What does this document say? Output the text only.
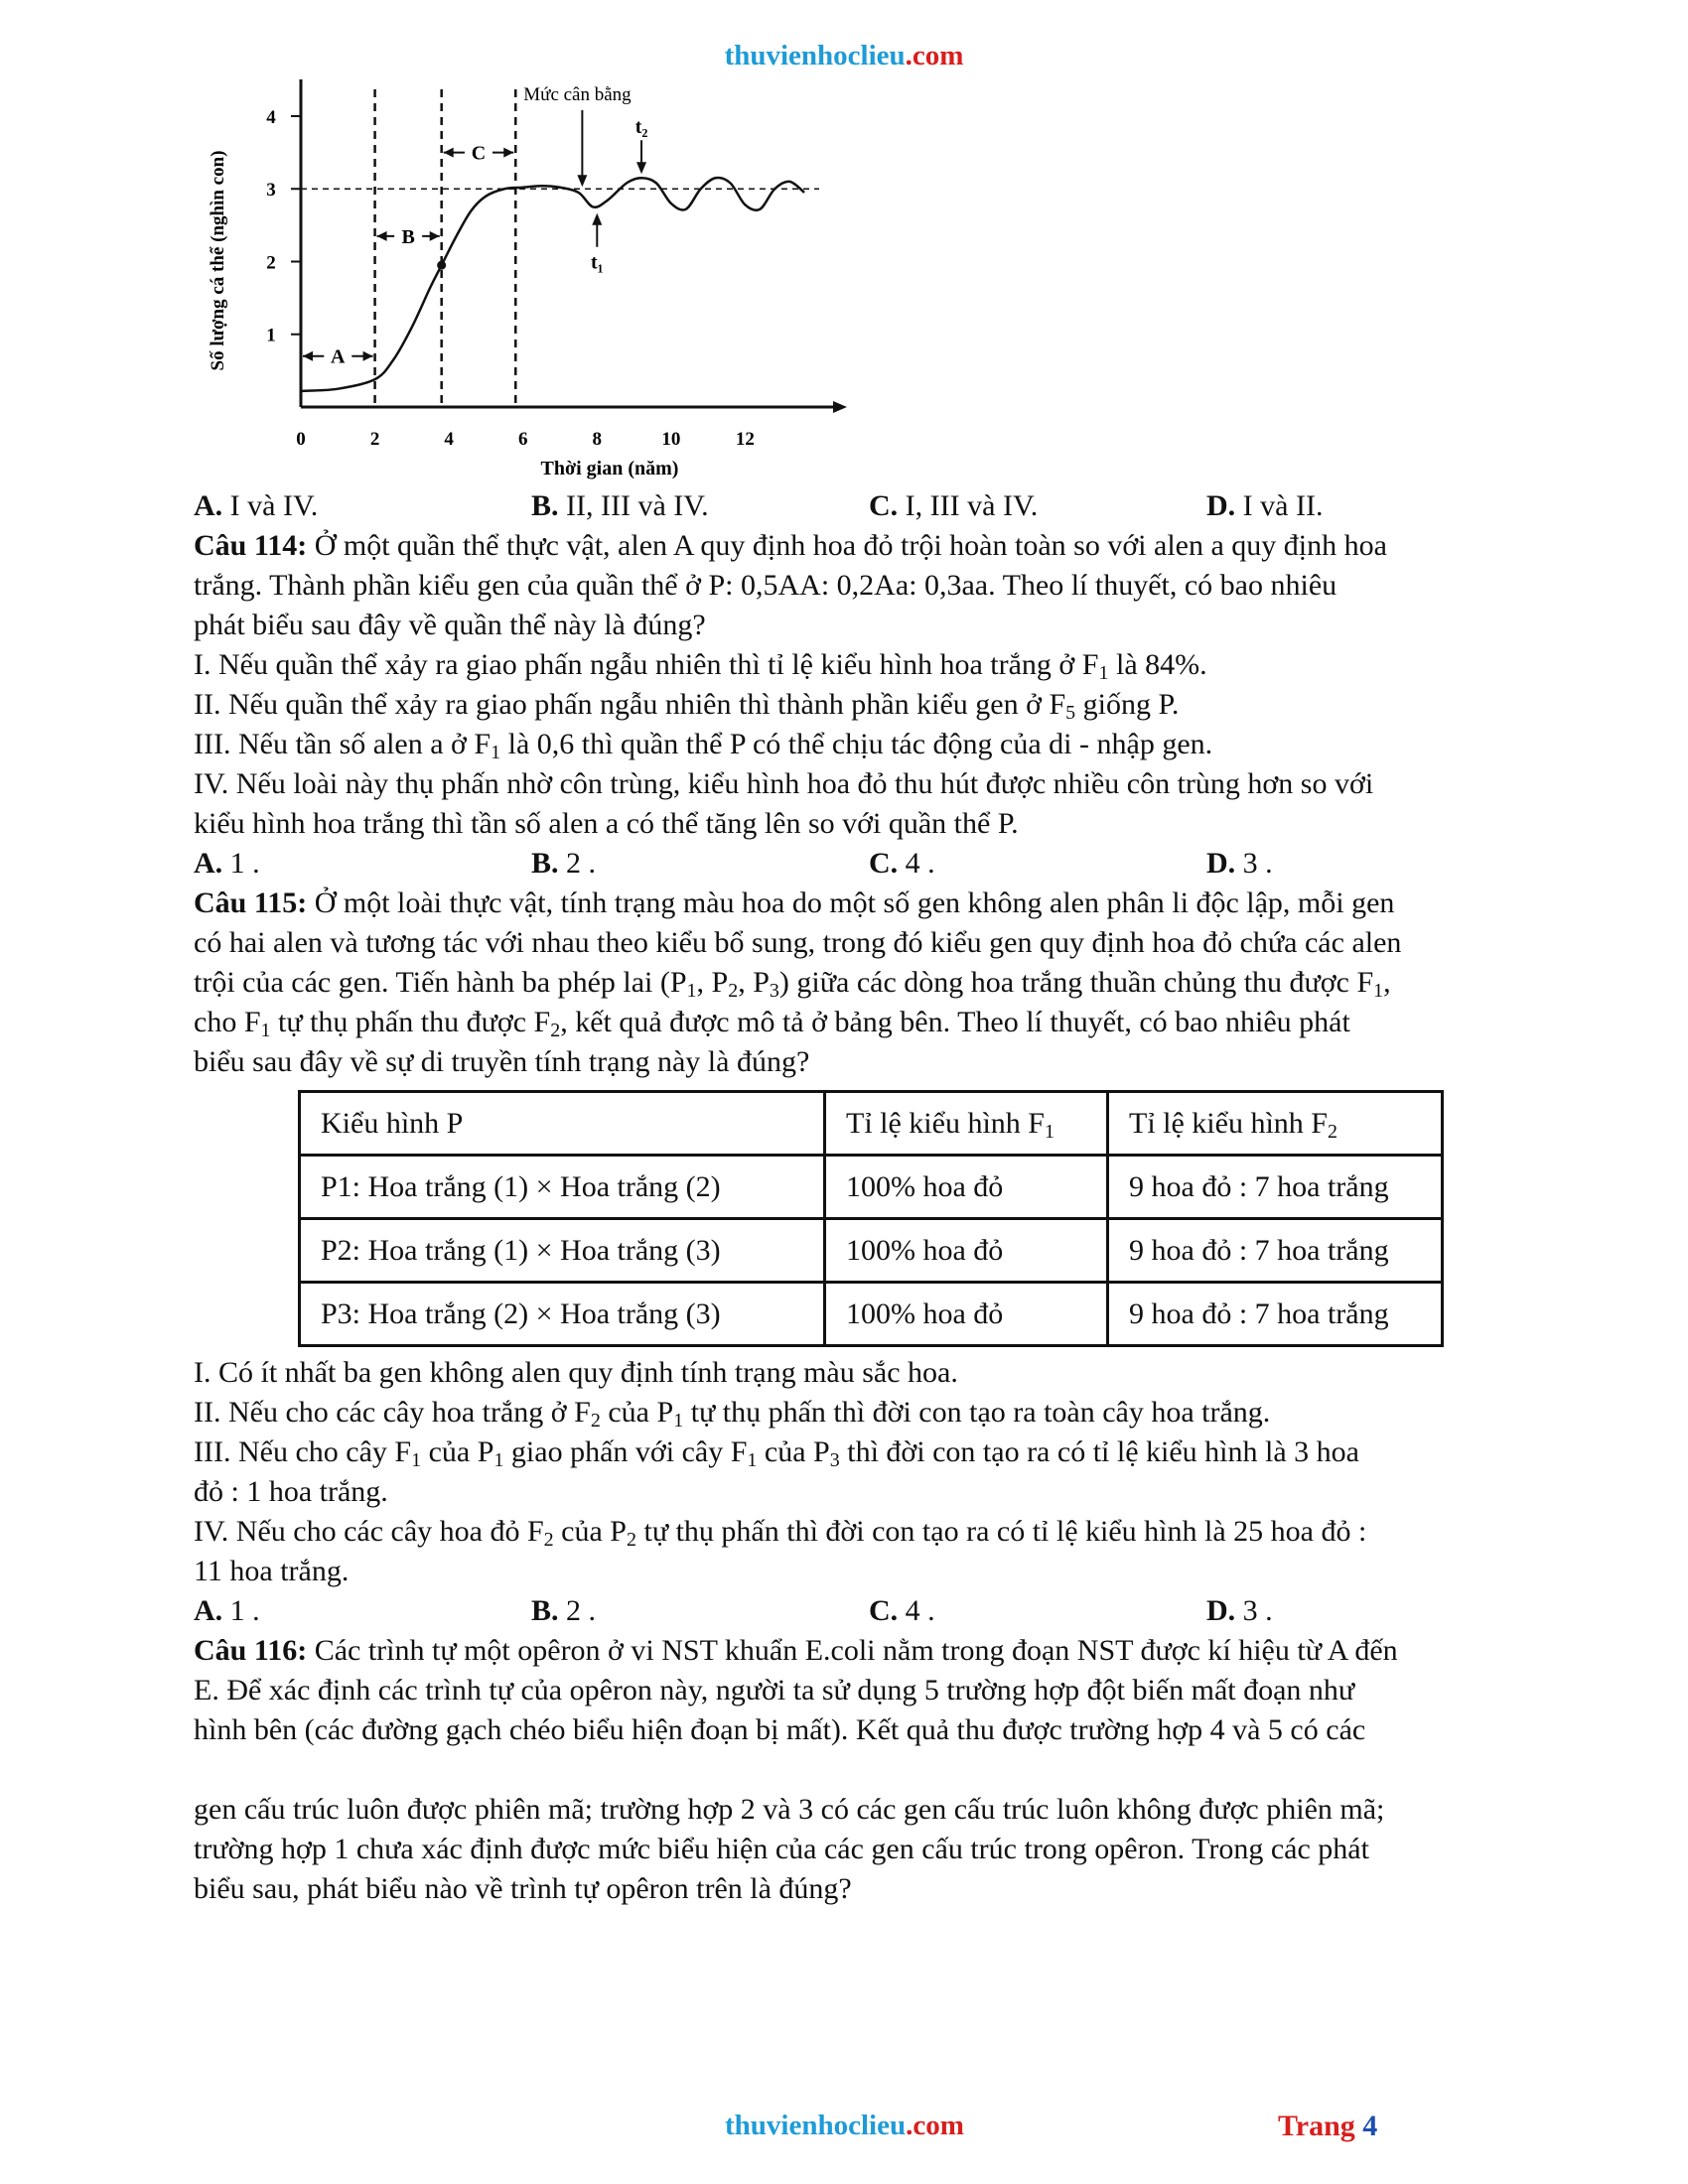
thuvienhoclieu.com
1
2
3
4
0	2	4	6	8	10	12
Thời gian (năm)
Số lượng cá thể (nghìn con)	A
B
C
Mức cân bằng
t₁
t₂
A. I và IV.	B. II, III và IV.	C. I, III và IV.	D. I và II.

Câu 114: Ở một quần thể thực vật, alen A quy định hoa đỏ trội hoàn toàn so với alen a quy định hoa

trắng. Thành phần kiểu gen của quần thể ở P: 0,5AA: 0,2Aa: 0,3aa. Theo lí thuyết, có bao nhiêu

phát biểu sau đây về quần thể này là đúng?

I. Nếu quần thể xảy ra giao phấn ngẫu nhiên thì tỉ lệ kiểu hình hoa trắng ở $F_1$ là 84%.

II. Nếu quần thể xảy ra giao phấn ngẫu nhiên thì thành phần kiểu gen ở $F_5$ giống P.

III. Nếu tần số alen a ở $F_1$ là 0,6 thì quần thể P có thể chịu tác động của di - nhập gen.

IV. Nếu loài này thụ phấn nhờ côn trùng, kiểu hình hoa đỏ thu hút được nhiều côn trùng hơn so với

kiểu hình hoa trắng thì tần số alen a có thể tăng lên so với quần thể P.

A. 1 .	B. 2 .	C. 4 .	D. 3 .

Câu 115: Ở một loài thực vật, tính trạng màu hoa do một số gen không alen phân li độc lập, mỗi gen

có hai alen và tương tác với nhau theo kiểu bổ sung, trong đó kiểu gen quy định hoa đỏ chứa các alen

trội của các gen. Tiến hành ba phép lai ($P_1$, $P_2$, $P_3$) giữa các dòng hoa trắng thuần chủng thu được $F_1$,

cho $F_1$ tự thụ phấn thu được $F_2$, kết quả được mô tả ở bảng bên. Theo lí thuyết, có bao nhiêu phát

biểu sau đây về sự di truyền tính trạng này là đúng?

Kiểu hình P	Tỉ lệ kiểu hình $F_1$	Tỉ lệ kiểu hình $F_2$
P1: Hoa trắng (1) × Hoa trắng (2)	100% hoa đỏ	9 hoa đỏ : 7 hoa trắng
P2: Hoa trắng (1) × Hoa trắng (3)	100% hoa đỏ	9 hoa đỏ : 7 hoa trắng
P3: Hoa trắng (2) × Hoa trắng (3)	100% hoa đỏ	9 hoa đỏ : 7 hoa trắng

I. Có ít nhất ba gen không alen quy định tính trạng màu sắc hoa.

II. Nếu cho các cây hoa trắng ở $F_2$ của $P_1$ tự thụ phấn thì đời con tạo ra toàn cây hoa trắng.

III. Nếu cho cây $F_1$ của $P_1$ giao phấn với cây $F_1$ của $P_3$ thì đời con tạo ra có tỉ lệ kiểu hình là 3 hoa

đỏ : 1 hoa trắng.

IV. Nếu cho các cây hoa đỏ $F_2$ của $P_2$ tự thụ phấn thì đời con tạo ra có tỉ lệ kiểu hình là 25 hoa đỏ :

11 hoa trắng.

A. 1 .	B. 2 .	C. 4 .	D. 3 .

Câu 116: Các trình tự một opêron ở vi NST khuẩn E.coli nằm trong đoạn NST được kí hiệu từ A đến

E. Để xác định các trình tự của opêron này, người ta sử dụng 5 trường hợp đột biến mất đoạn như

hình bên (các đường gạch chéo biểu hiện đoạn bị mất). Kết quả thu được trường hợp 4 và 5 có các

gen cấu trúc luôn được phiên mã; trường hợp 2 và 3 có các gen cấu trúc luôn không được phiên mã;

trường hợp 1 chưa xác định được mức biểu hiện của các gen cấu trúc trong opêron. Trong các phát

biểu sau, phát biểu nào về trình tự opêron trên là đúng?

thuvienhoclieu.com	Trang 4
